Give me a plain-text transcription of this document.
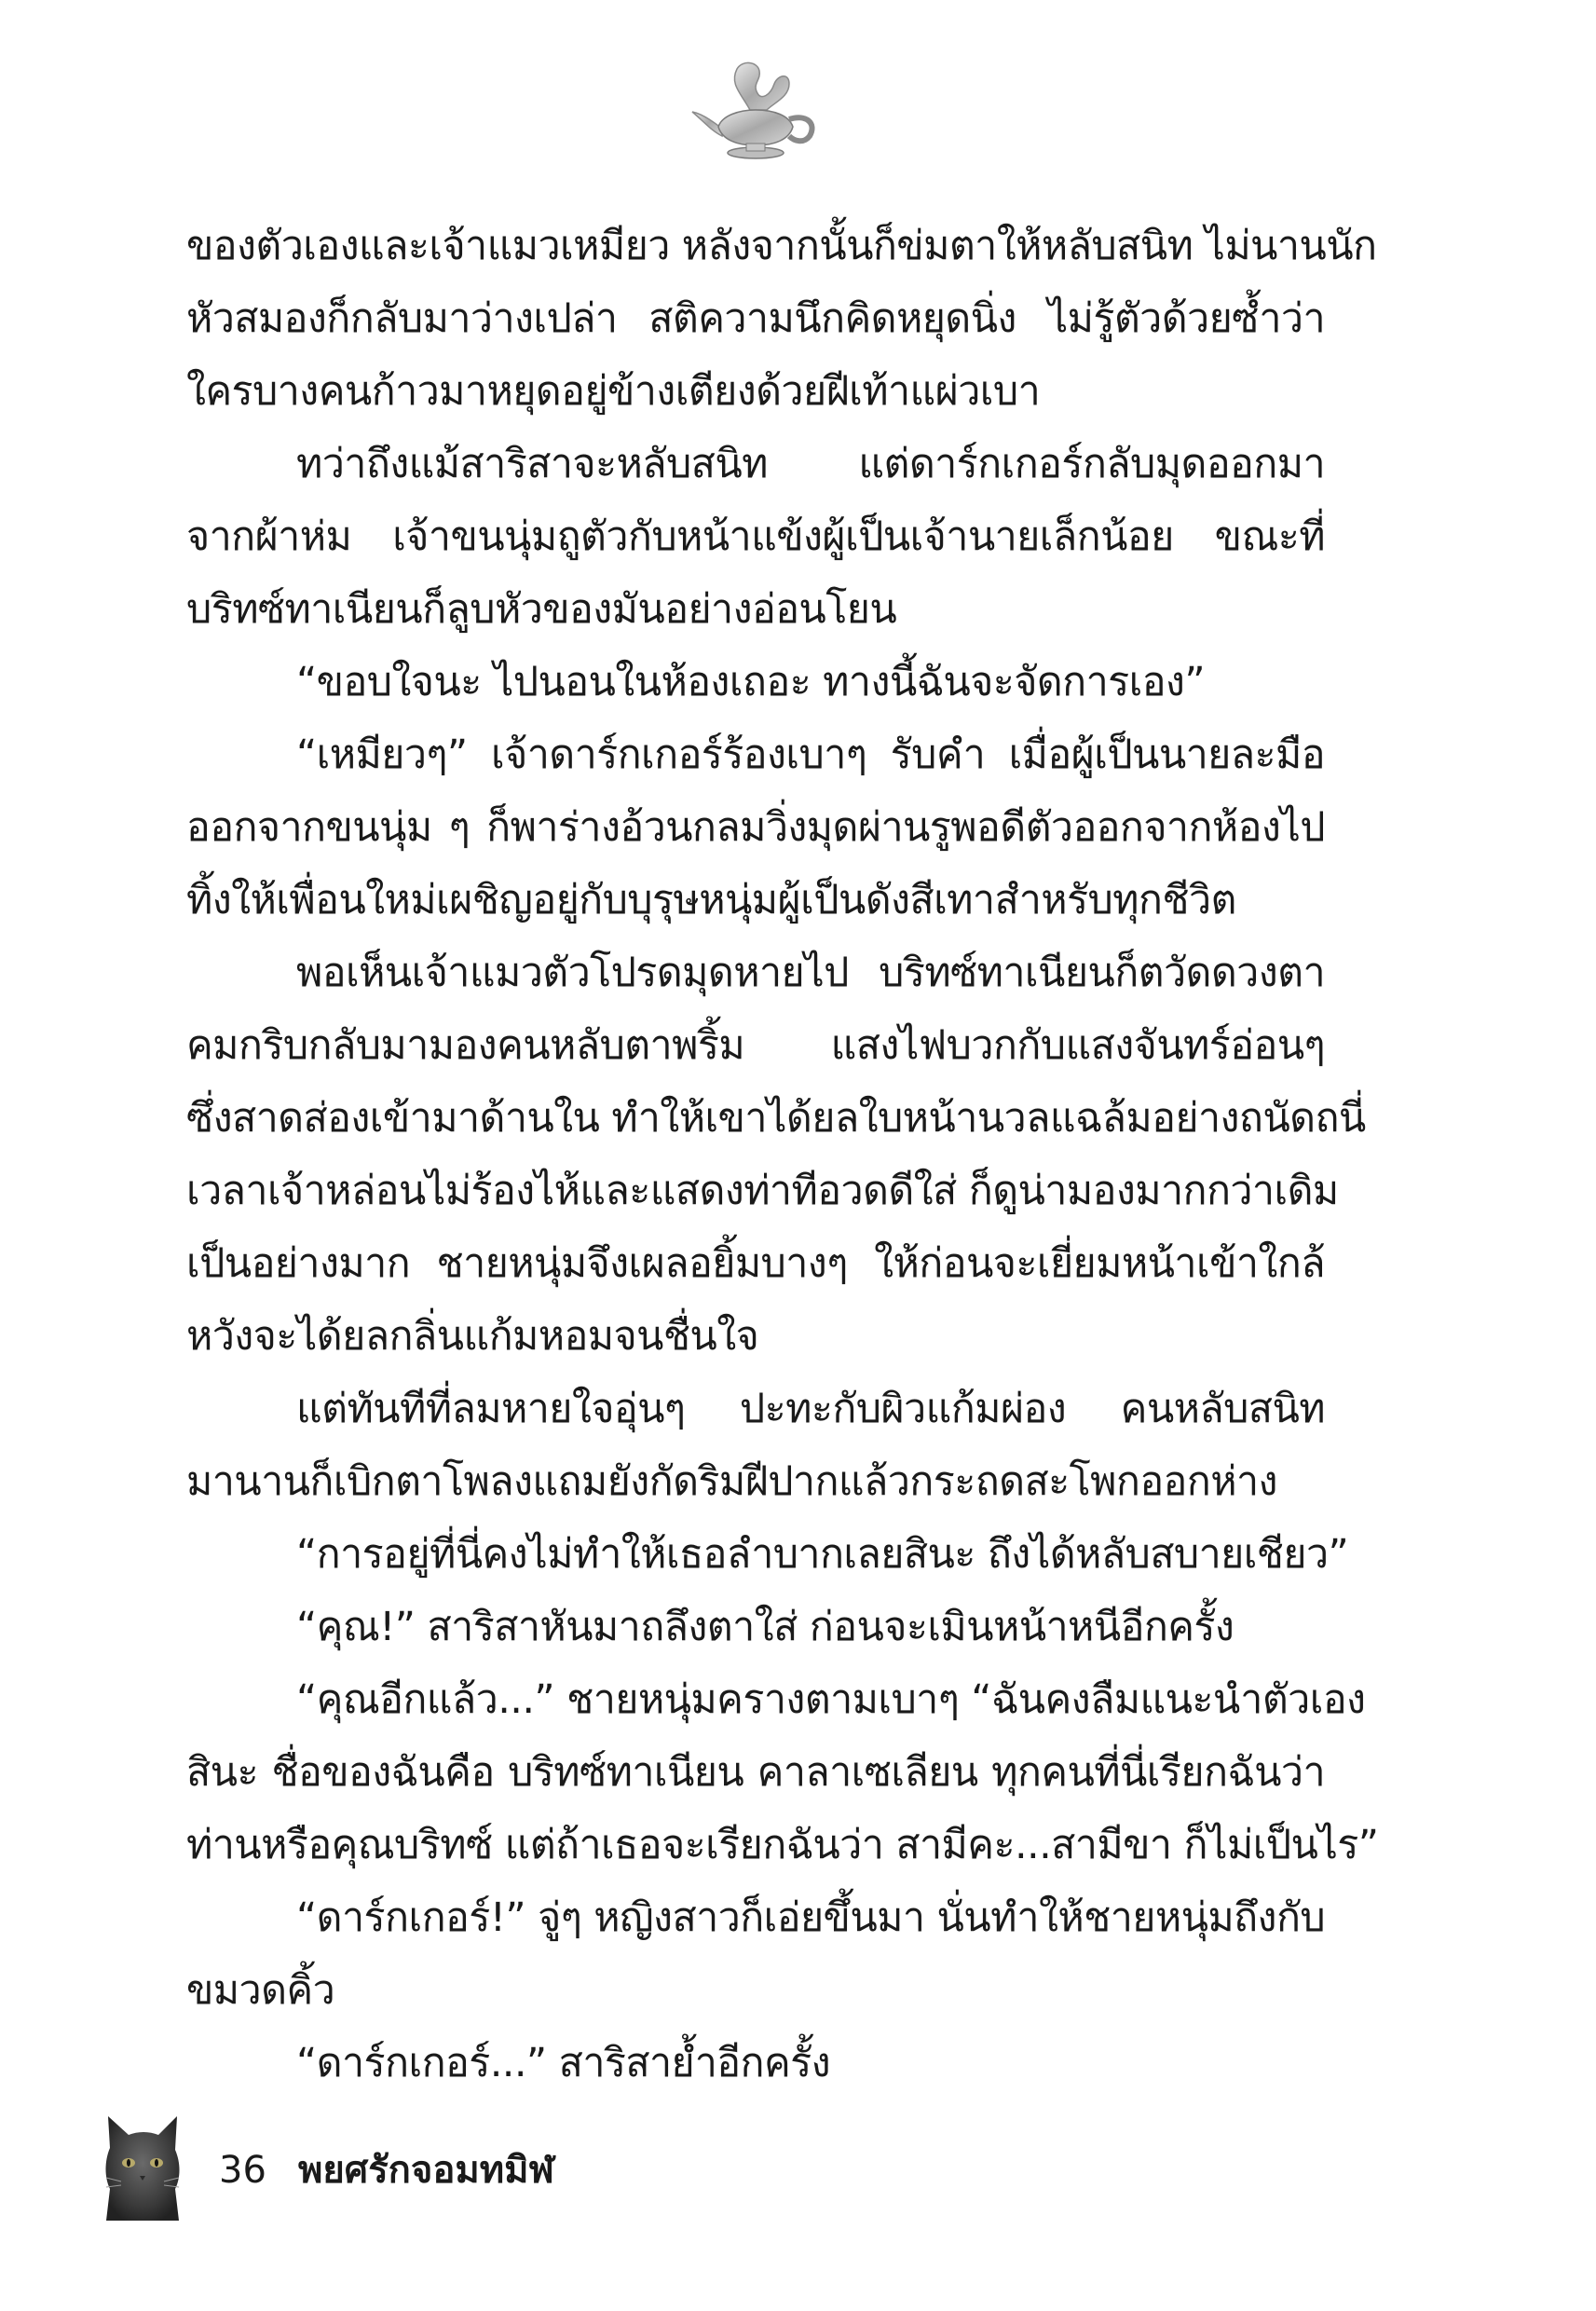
ของตัวเองและเจ้าแมวเหมียว หลังจากนั้นก็ข่มตาให้หลับสนิท ไม่นานนัก
หัวสมองก็กลับมาว่างเปล่า สติความนึกคิดหยุดนิ่ง ไม่รู้ตัวด้วยซ้ำว่า
ใครบางคนก้าวมาหยุดอยู่ข้างเตียงด้วยฝีเท้าแผ่วเบา
ทว่าถึงแม้สาริสาจะหลับสนิท แต่ดาร์กเกอร์กลับมุดออกมา
จากผ้าห่ม เจ้าขนนุ่มถูตัวกับหน้าแข้งผู้เป็นเจ้านายเล็กน้อย ขณะที่
บริทซ์ทาเนียนก็ลูบหัวของมันอย่างอ่อนโยน
“ขอบใจนะ ไปนอนในห้องเถอะ ทางนี้ฉันจะจัดการเอง”
“เหมียวๆ” เจ้าดาร์กเกอร์ร้องเบาๆ รับคำ เมื่อผู้เป็นนายละมือ
ออกจากขนนุ่ม ๆ ก็พาร่างอ้วนกลมวิ่งมุดผ่านรูพอดีตัวออกจากห้องไป
ทิ้งให้เพื่อนใหม่เผชิญอยู่กับบุรุษหนุ่มผู้เป็นดังสีเทาสำหรับทุกชีวิต
พอเห็นเจ้าแมวตัวโปรดมุดหายไป บริทซ์ทาเนียนก็ตวัดดวงตา
คมกริบกลับมามองคนหลับตาพริ้ม แสงไฟบวกกับแสงจันทร์อ่อนๆ
ซึ่งสาดส่องเข้ามาด้านใน ทำให้เขาได้ยลใบหน้านวลแฉล้มอย่างถนัดถนี่
เวลาเจ้าหล่อนไม่ร้องไห้และแสดงท่าทีอวดดีใส่ ก็ดูน่ามองมากกว่าเดิม
เป็นอย่างมาก ชายหนุ่มจึงเผลอยิ้มบางๆ ให้ก่อนจะเยี่ยมหน้าเข้าใกล้
หวังจะได้ยลกลิ่นแก้มหอมจนชื่นใจ
แต่ทันทีที่ลมหายใจอุ่นๆ ปะทะกับผิวแก้มผ่อง คนหลับสนิท
มานานก็เบิกตาโพลงแถมยังกัดริมฝีปากแล้วกระถดสะโพกออกห่าง
“การอยู่ที่นี่คงไม่ทำให้เธอลำบากเลยสินะ ถึงได้หลับสบายเชียว”
“คุณ!” สาริสาหันมาถลึงตาใส่ ก่อนจะเมินหน้าหนีอีกครั้ง
“คุณอีกแล้ว...” ชายหนุ่มครางตามเบาๆ “ฉันคงลืมแนะนำตัวเอง
สินะ ชื่อของฉันคือ บริทซ์ทาเนียน คาลาเซเลียน ทุกคนที่นี่เรียกฉันว่า
ท่านหรือคุณบริทซ์ แต่ถ้าเธอจะเรียกฉันว่า สามีคะ...สามีขา ก็ไม่เป็นไร”
“ดาร์กเกอร์!” จู่ๆ หญิงสาวก็เอ่ยขึ้นมา นั่นทำให้ชายหนุ่มถึงกับ
ขมวดคิ้ว
“ดาร์กเกอร์...” สาริสาย้ำอีกครั้ง
36 พยศรักจอมทมิฬ
